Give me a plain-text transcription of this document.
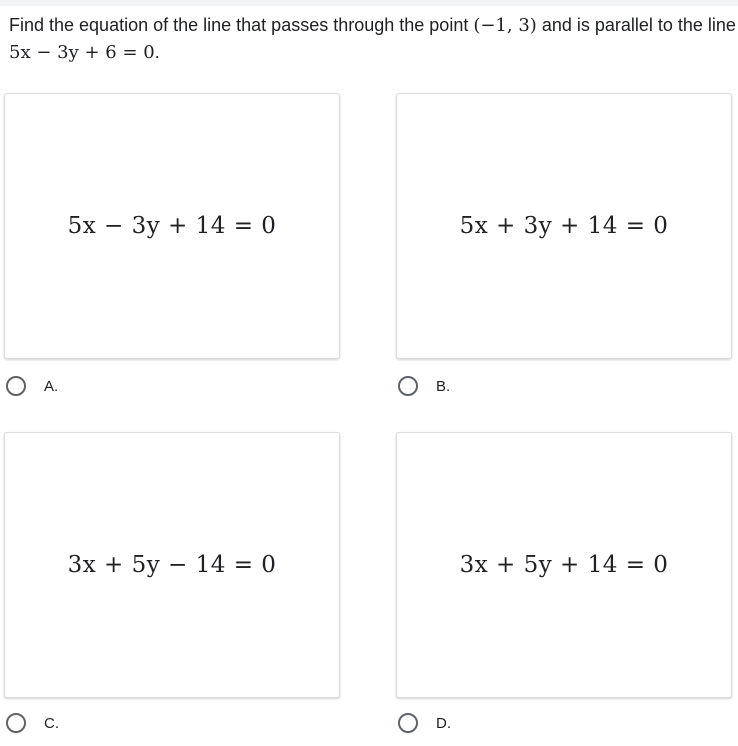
Find the equation of the line that passes through the point (−1, 3) and is parallel to the line 5x − 3y + 6 = 0.
5x − 3y + 14 = 0
A.
5x + 3y + 14 = 0
B.
3x + 5y − 14 = 0
C.
3x + 5y + 14 = 0
D.
